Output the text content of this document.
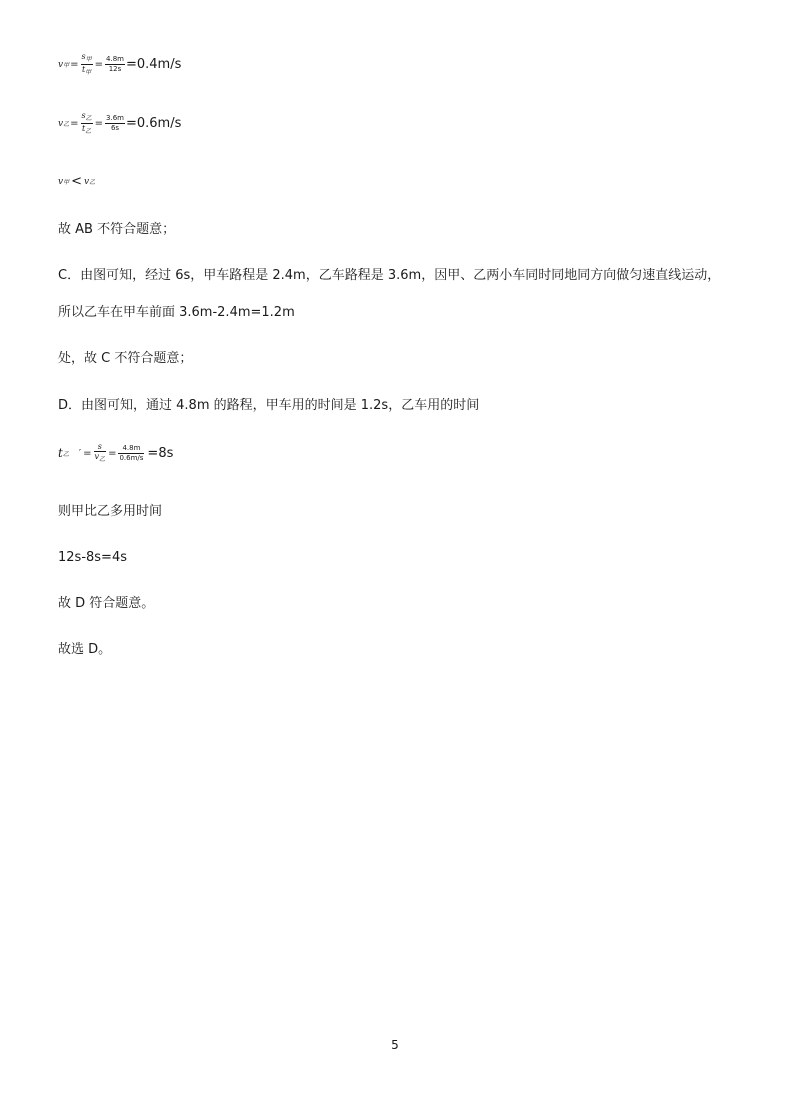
v 甲 = $\frac{s_甲}{t_甲} = \frac{4.8m}{12s} =0.4m/s$
v 乙 = $\frac{s_乙}{t_乙} = \frac{3.6m}{6s} =0.6m/s$
v 甲 < v 乙
故 AB 不符合题意；
C．由图可知，经过 6s，甲车路程是 2.4m，乙车路程是 3.6m，因甲、乙两小车同时同地同方向做匀速直线运动，
所以乙车在甲车前面 3.6m-2.4m=1.2m
处，故 C 不符合题意；
D．由图可知，通过 4.8m 的路程，甲车用的时间是 1.2s，乙车用的时间
t 乙 ′ = $\frac{s}{v_乙} = \frac{4.8m}{0.6m/s} =8s$
则甲比乙多用时间
12s-8s=4s
故 D 符合题意。
故选 D。
5
